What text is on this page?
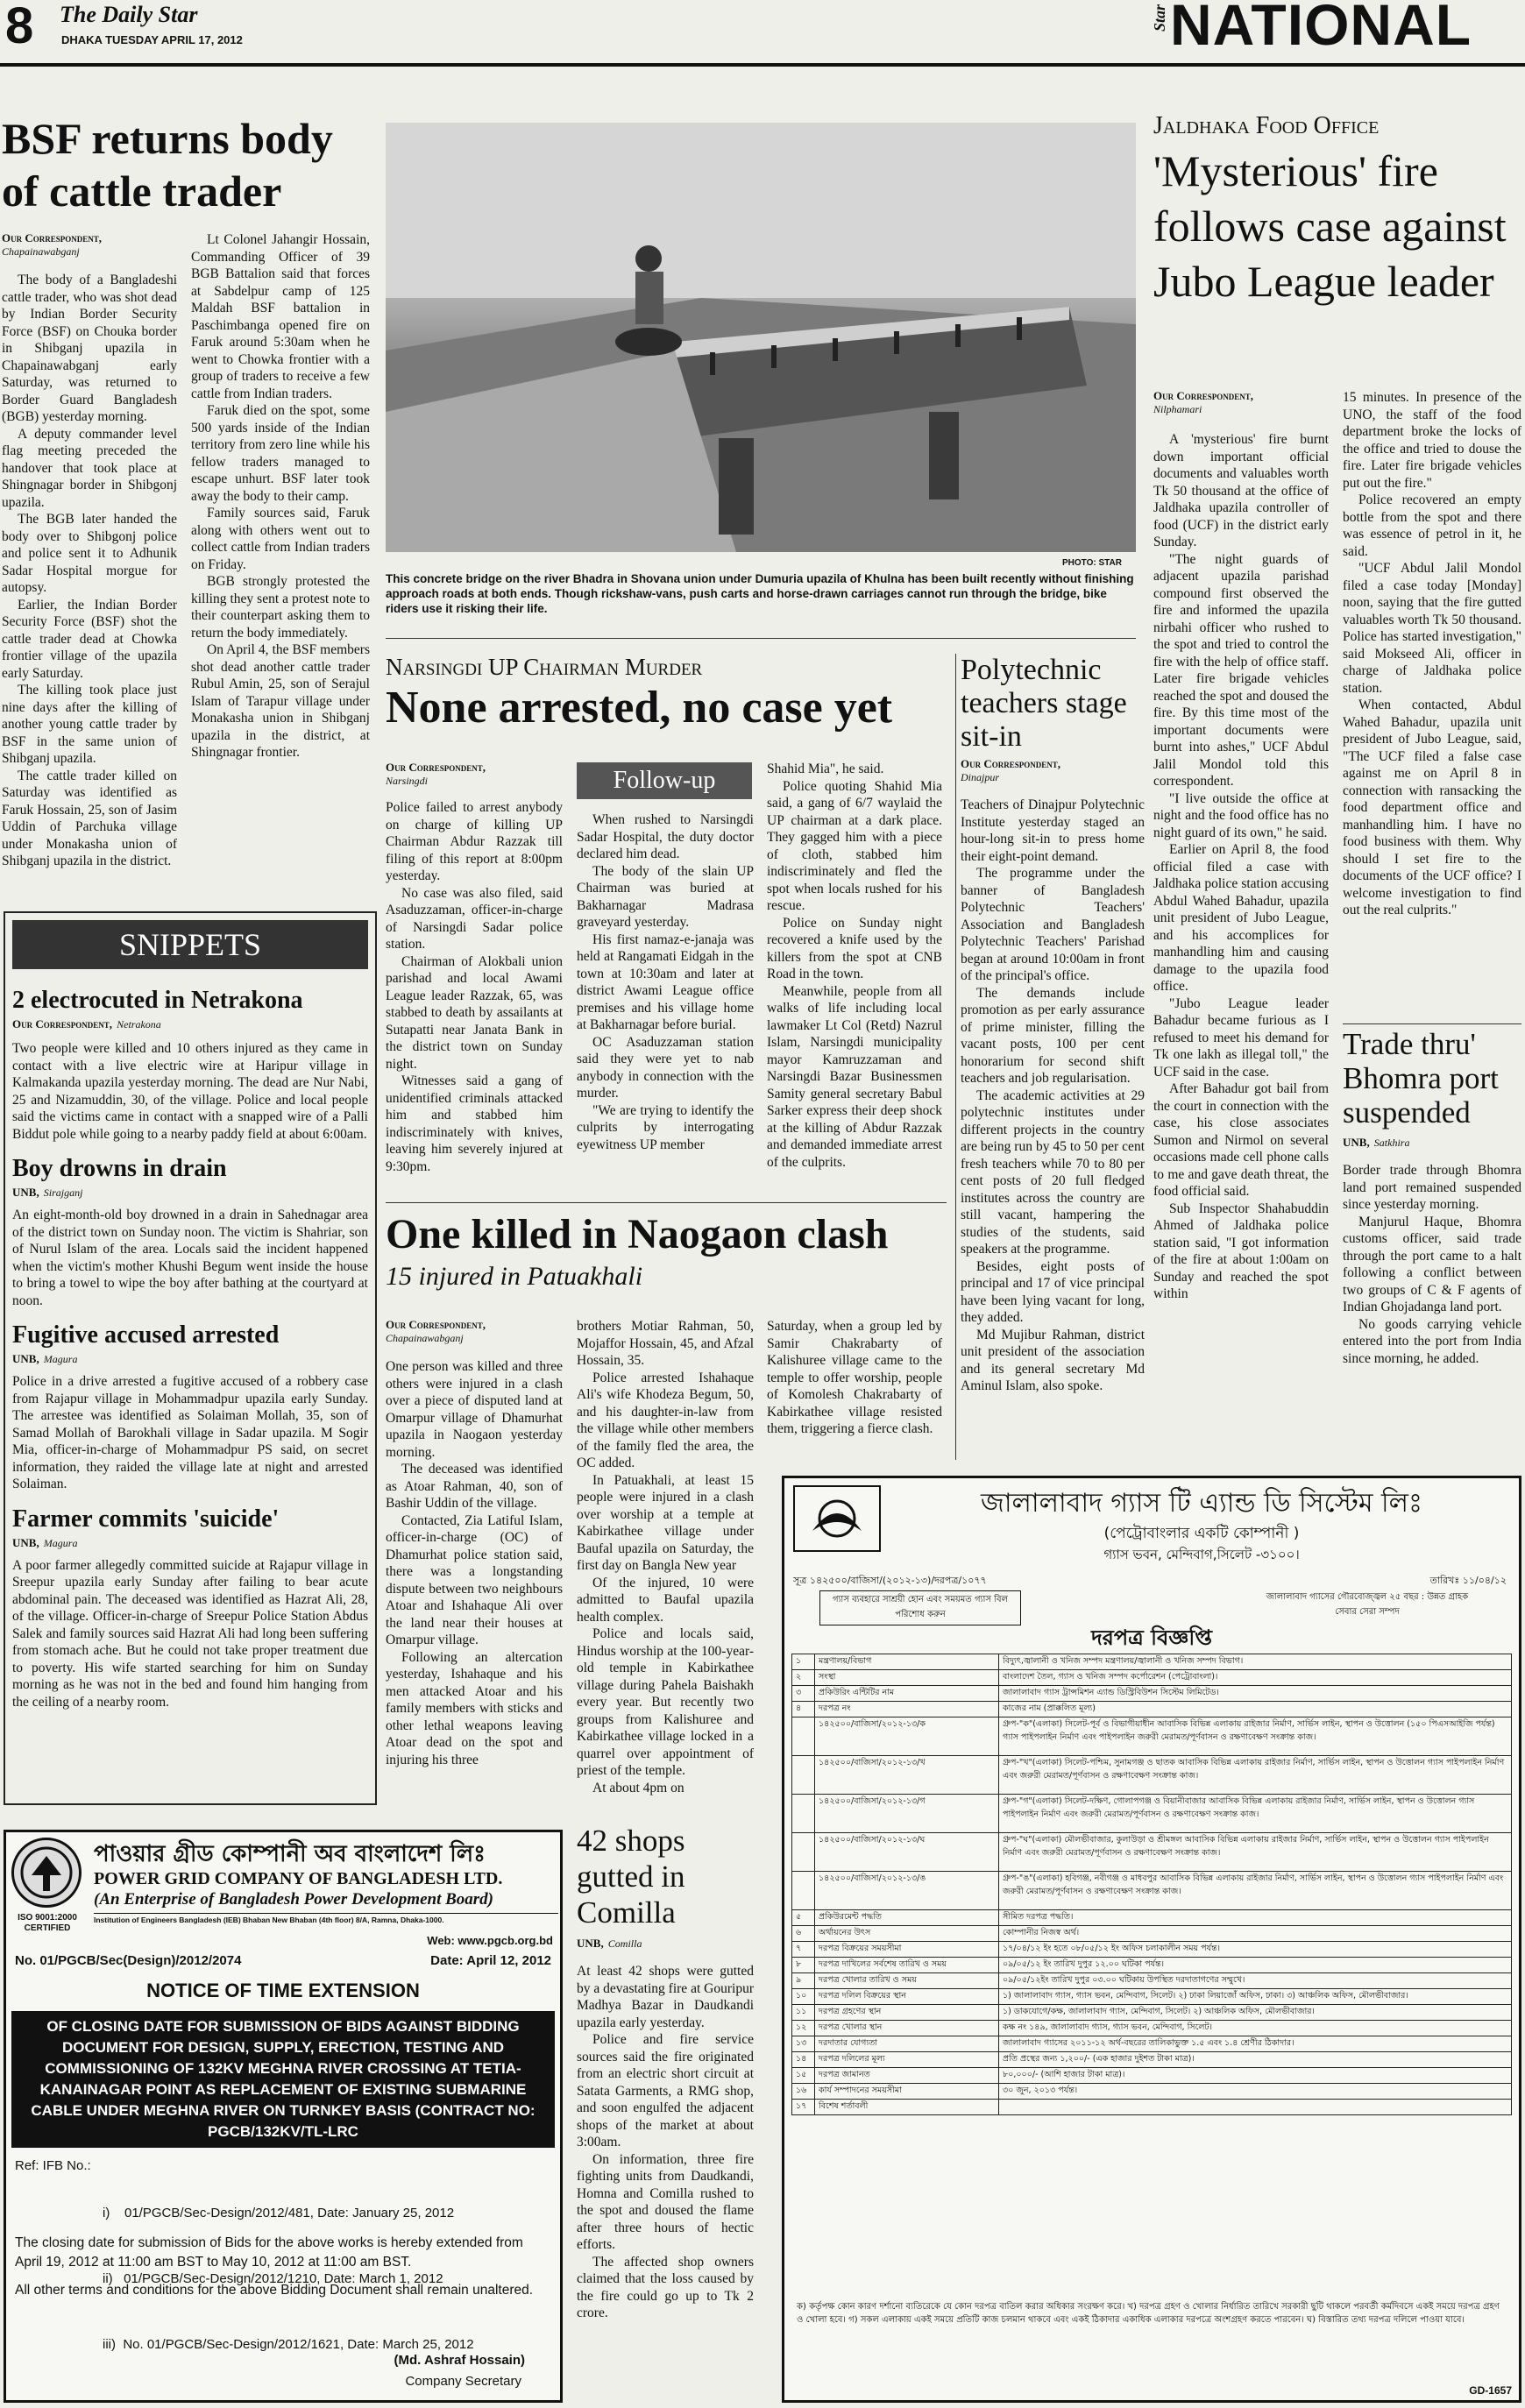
8 The Daily Star
DHAKA TUESDAY APRIL 17, 2012
Star NATIONAL
BSF returns body of cattle trader
Our Correspondent,
Chapainawabganj

The body of a Bangladeshi cattle trader, who was shot dead by Indian Border Security Force (BSF) on Chouka border in Shibganj upazila in Chapainawabganj early Saturday, was returned to Border Guard Bangladesh (BGB) yesterday morning.

A deputy commander level flag meeting preceded the handover that took place at Shingnagar border in Shibgonj upazila.

The BGB later handed the body over to Shibgonj police and police sent it to Adhunik Sadar Hospital morgue for autopsy.

Earlier, the Indian Border Security Force (BSF) shot the cattle trader dead at Chowka frontier village of the upazila early Saturday.

The killing took place just nine days after the killing of another young cattle trader by BSF in the same union of Shibganj upazila.

The cattle trader killed on Saturday was identified as Faruk Hossain, 25, son of Jasim Uddin of Parchuka village under Monakasha union of Shibganj upazila in the district.

Lt Colonel Jahangir Hossain, Commanding Officer of 39 BGB Battalion said that forces at Sabdelpur camp of 125 Maldah BSF battalion in Paschimbanga opened fire on Faruk around 5:30am when he went to Chowka frontier with a group of traders to receive a few cattle from Indian traders.

Faruk died on the spot, some 500 yards inside of the Indian territory from zero line while his fellow traders managed to escape unhurt. BSF later took away the body to their camp.

Family sources said, Faruk along with others went out to collect cattle from Indian traders on Friday.

BGB strongly protested the killing they sent a protest note to their counterpart asking them to return the body immediately.

On April 4, the BSF members shot dead another cattle trader Rubul Amin, 25, son of Serajul Islam of Tarapur village under Monakasha union in Shibganj upazila in the district, at Shingnagar frontier.

PHOTO: STAR
This concrete bridge on the river Bhadra in Shovana union under Dumuria upazila of Khulna has been built recently without finishing approach roads at both ends. Though rickshaw-vans, push carts and horse-drawn carriages cannot run through the bridge, bike riders use it risking their life.
Jaldhaka Food Office
'Mysterious' fire follows case against Jubo League leader
Our Correspondent,
Nilphamari

A 'mysterious' fire burnt down important official documents and valuables worth Tk 50 thousand at the office of Jaldhaka upazila controller of food (UCF) in the district early Sunday.

"The night guards of adjacent upazila parishad compound first observed the fire and informed the upazila nirbahi officer who rushed to the spot and tried to control the fire with the help of office staff. Later fire brigade vehicles reached the spot and doused the fire. By this time most of the important documents were burnt into ashes," UCF Abdul Jalil Mondol told this correspondent.

"I live outside the office at night and the food office has no night guard of its own," he said.

Earlier on April 8, the food official filed a case with Jaldhaka police station accusing Abdul Wahed Bahadur, upazila unit president of Jubo League, and his accomplices for manhandling him and causing damage to the upazila food office.

"Jubo League leader Bahadur became furious as I refused to meet his demand for Tk one lakh as illegal toll," the UCF said in the case.

After Bahadur got bail from the court in connection with the case, his close associates Sumon and Nirmol on several occasions made cell phone calls to me and gave death threat, the food official said.

Sub Inspector Shahabuddin Ahmed of Jaldhaka police station said, "I got information of the fire at about 1:00am on Sunday and reached the spot within

15 minutes. In presence of the UNO, the staff of the food department broke the locks of the office and tried to douse the fire. Later fire brigade vehicles put out the fire."

Police recovered an empty bottle from the spot and there was essence of petrol in it, he said.

"UCF Abdul Jalil Mondol filed a case today [Monday] noon, saying that the fire gutted valuables worth Tk 50 thousand. Police has started investigation," said Mokseed Ali, officer in charge of Jaldhaka police station.

When contacted, Abdul Wahed Bahadur, upazila unit president of Jubo League, said, "The UCF filed a false case against me on April 8 in connection with ransacking the food department office and manhandling him. I have no food business with them. Why should I set fire to the documents of the UCF office? I welcome investigation to find out the real culprits."

Trade thru' Bhomra port suspended
UNB, Satkhira

Border trade through Bhomra land port remained suspended since yesterday morning.

Manjurul Haque, Bhomra customs officer, said trade through the port came to a halt following a conflict between two groups of C & F agents of Indian Ghojadanga land port.

No goods carrying vehicle entered into the port from India since morning, he added.

Narsingdi UP Chairman Murder
None arrested, no case yet
Our Correspondent,
Narsingdi

Police failed to arrest anybody on charge of killing UP Chairman Abdur Razzak till filing of this report at 8:00pm yesterday.

No case was also filed, said Asaduzzaman, officer-in-charge of Narsingdi Sadar police station.

Chairman of Alokbali union parishad and local Awami League leader Razzak, 65, was stabbed to death by assailants at Sutapatti near Janata Bank in the district town on Sunday night.

Witnesses said a gang of unidentified criminals attacked him and stabbed him indiscriminately with knives, leaving him severely injured at 9:30pm.

Follow-up

When rushed to Narsingdi Sadar Hospital, the duty doctor declared him dead.

The body of the slain UP Chairman was buried at Bakharnagar Madrasa graveyard yesterday.

His first namaz-e-janaja was held at Rangamati Eidgah in the town at 10:30am and later at district Awami League office premises and his village home at Bakharnagar before burial.

OC Asaduzzaman station said they were yet to nab anybody in connection with the murder.

"We are trying to identify the culprits by interrogating eyewitness UP member

Shahid Mia", he said.

Police quoting Shahid Mia said, a gang of 6/7 waylaid the UP chairman at a dark place. They gagged him with a piece of cloth, stabbed him indiscriminately and fled the spot when locals rushed for his rescue.

Police on Sunday night recovered a knife used by the killers from the spot at CNB Road in the town.

Meanwhile, people from all walks of life including local lawmaker Lt Col (Retd) Nazrul Islam, Narsingdi municipality mayor Kamruzzaman and Narsingdi Bazar Businessmen Samity general secretary Babul Sarker express their deep shock at the killing of Abdur Razzak and demanded immediate arrest of the culprits.

Polytechnic teachers stage sit-in
Our Correspondent,
Dinajpur

Teachers of Dinajpur Polytechnic Institute yesterday staged an hour-long sit-in to press home their eight-point demand.

The programme under the banner of Bangladesh Polytechnic Teachers' Association and Bangladesh Polytechnic Teachers' Parishad began at around 10:00am in front of the principal's office.

The demands include promotion as per early assurance of prime minister, filling the vacant posts, 100 per cent honorarium for second shift teachers and job regularisation.

The academic activities at 29 polytechnic institutes under different projects in the country are being run by 45 to 50 per cent fresh teachers while 70 to 80 per cent posts of 20 full fledged institutes across the country are still vacant, hampering the studies of the students, said speakers at the programme.

Besides, eight posts of principal and 17 of vice principal have been lying vacant for long, they added.

Md Mujibur Rahman, district unit president of the association and its general secretary Md Aminul Islam, also spoke.

One killed in Naogaon clash
15 injured in Patuakhali
Our Correspondent,
Chapainawabganj

One person was killed and three others were injured in a clash over a piece of disputed land at Omarpur village of Dhamurhat upazila in Naogaon yesterday morning.

The deceased was identified as Atoar Rahman, 40, son of Bashir Uddin of the village.

Contacted, Zia Latiful Islam, officer-in-charge (OC) of Dhamurhat police station said, there was a longstanding dispute between two neighbours Atoar and Ishahaque Ali over the land near their houses at Omarpur village.

Following an altercation yesterday, Ishahaque and his men attacked Atoar and his family members with sticks and other lethal weapons leaving Atoar dead on the spot and injuring his three

brothers Motiar Rahman, 50, Mojaffor Hossain, 45, and Afzal Hossain, 35.

Police arrested Ishahaque Ali's wife Khodeza Begum, 50, and his daughter-in-law from the village while other members of the family fled the area, the OC added.

In Patuakhali, at least 15 people were injured in a clash over worship at a temple at Kabirkathee village under Baufal upazila on Saturday, the first day on Bangla New year

Of the injured, 10 were admitted to Baufal upazila health complex.

Police and locals said, Hindus worship at the 100-year-old temple in Kabirkathee village during Pahela Baishakh every year. But recently two groups from Kalishuree and Kabirkathee village locked in a quarrel over appointment of priest of the temple.

At about 4pm on

Saturday, when a group led by Samir Chakrabarty of Kalishuree village came to the temple to offer worship, people of Komolesh Chakrabarty of Kabirkathee village resisted them, triggering a fierce clash.

42 shops gutted in Comilla
UNB, Comilla

At least 42 shops were gutted by a devastating fire at Gouripur Madhya Bazar in Daudkandi upazila early yesterday.

Police and fire service sources said the fire originated from an electric short circuit at Satata Garments, a RMG shop, and soon engulfed the adjacent shops of the market at about 3:00am.

On information, three fire fighting units from Daudkandi, Homna and Comilla rushed to the spot and doused the flame after three hours of hectic efforts.

The affected shop owners claimed that the loss caused by the fire could go up to Tk 2 crore.

SNIPPETS
2 electrocuted in Netrakona
Our Correspondent, Netrakona
Two people were killed and 10 others injured as they came in contact with a live electric wire at Haripur village in Kalmakanda upazila yesterday morning. The dead are Nur Nabi, 25 and Nizamuddin, 30, of the village. Police and local people said the victims came in contact with a snapped wire of a Palli Biddut pole while going to a nearby paddy field at about 6:00am.
Boy drowns in drain
UNB, Sirajganj
An eight-month-old boy drowned in a drain in Sahednagar area of the district town on Sunday noon. The victim is Shahriar, son of Nurul Islam of the area. Locals said the incident happened when the victim's mother Khushi Begum went inside the house to bring a towel to wipe the boy after bathing at the courtyard at noon.
Fugitive accused arrested
UNB, Magura
Police in a drive arrested a fugitive accused of a robbery case from Rajapur village in Mohammadpur upazila early Sunday. The arrestee was identified as Solaiman Mollah, 35, son of Samad Mollah of Barokhali village in Sadar upazila. M Sogir Mia, officer-in-charge of Mohammadpur PS said, on secret information, they raided the village late at night and arrested Solaiman.
Farmer commits 'suicide'
UNB, Magura
A poor farmer allegedly committed suicide at Rajapur village in Sreepur upazila early Sunday after failing to bear acute abdominal pain. The deceased was identified as Hazrat Ali, 28, of the village. Officer-in-charge of Sreepur Police Station Abdus Salek and family sources said Hazrat Ali had long been suffering from stomach ache. But he could not take proper treatment due to poverty. His wife started searching for him on Sunday morning as he was not in the bed and found him hanging from the ceiling of a nearby room.
ISO 9001:2000 CERTIFIED
পাওয়ার গ্রীড কোম্পানী অব বাংলাদেশ লিঃ
POWER GRID COMPANY OF BANGLADESH LTD.
(An Enterprise of Bangladesh Power Development Board)
Institution of Engineers Bangladesh (IEB) Bhaban New Bhaban (4th floor) 8/A, Ramna, Dhaka-1000.
Web: www.pgcb.org.bd
No. 01/PGCB/Sec(Design)/2012/2074	Date: April 12, 2012
NOTICE OF TIME EXTENSION
OF CLOSING DATE FOR SUBMISSION OF BIDS AGAINST BIDDING DOCUMENT FOR DESIGN, SUPPLY, ERECTION, TESTING AND COMMISSIONING OF 132KV MEGHNA RIVER CROSSING AT TETIA-KANAINAGAR POINT AS REPLACEMENT OF EXISTING SUBMARINE CABLE UNDER MEGHNA RIVER ON TURNKEY BASIS (CONTRACT NO: PGCB/132KV/TL-LRC
Ref: IFB No.:

i)    01/PGCB/Sec-Design/2012/481, Date: January 25, 2012

ii)   01/PGCB/Sec-Design/2012/1210, Date: March 1, 2012

iii)  No. 01/PGCB/Sec-Design/2012/1621, Date: March 25, 2012

The closing date for submission of Bids for the above works is hereby extended from April 19, 2012 at 11:00 am BST to May 10, 2012 at 11:00 am BST.
All other terms and conditions for the above Bidding Document shall remain unaltered.
(Md. Ashraf Hossain)
Company Secretary
জালালাবাদ গ্যাস টি এ্যান্ড ডি সিস্টেম লিঃ
(পেট্রোবাংলার একটি কোম্পানী )
গ্যাস ভবন, মেন্দিবাগ,সিলেট -৩১০০।
সূত্র ১৪২৫০০/বাজিসা/(২০১২-১৩)/দরপত্র/১০৭৭	তারিখঃ ১১/০৪/১২
গ্যাস ব্যবহারে সাশ্রয়ী হোন এবং সময়মত গ্যাস বিল পরিশোধ করুন
জালালাবাদ গ্যাসের গৌরবোজ্জ্বল ২৫ বছর : উন্নত গ্রাহক সেবার সেরা সম্পদ
দরপত্র বিজ্ঞপ্তি
১	মন্ত্রণালয়/বিভাগ	বিদ্যুৎ,জ্বালানী ও খনিজ সম্পদ মন্ত্রণালয়/জ্বালানী ও খনিজ সম্পদ বিভাগ।
২	সংস্থা	বাংলাদেশ তৈল, গ্যাস ও খনিজ সম্পদ কর্পোরেশন (পেট্রোবাংলা)।
৩	প্রকিউরিং এন্টিটির নাম	জালালাবাদ গ্যাস ট্রান্সমিশন এ্যান্ড ডিস্ট্রিবিউশন সিস্টেম লিমিটেড।
৪	দরপত্র নং	কাজের নাম (প্রাক্কলিত মূল্য)
	১৪২৫০০/বাজিসা/২০১২-১৩/ক	গ্রুপ-"ক"(এলাকা) সিলেট-পূর্ব ও বিভাগীয়াধীন আবাসিক বিভিন্ন এলাকায় রাইজার নির্মাণ, সার্ভিস লাইন, স্থাপন ও উত্তোলন (১৫০ পিএসআইজি পর্যন্ত) গ্যাস পাইপলাইন নির্মাণ এবং পাইপলাইন জরুরী মেরামত/পূর্ণবাসন ও রক্ষণাবেক্ষণ সংক্রান্ত কাজ।
	১৪২৫০০/বাজিসা/২০১২-১৩/খ	গ্রুপ-"খ"(এলাকা) সিলেট-পশ্চিম, সুনামগঞ্জ ও ছাতক আবাসিক বিভিন্ন এলাকায় রাইজার নির্মাণ, সার্ভিস লাইন, স্থাপন ও উত্তোলন গ্যাস পাইপলাইন নির্মাণ এবং জরুরী মেরামত/পূর্ণবাসন ও রক্ষণাবেক্ষণ সংক্রান্ত কাজ।
	১৪২৫০০/বাজিসা/২০১২-১৩/গ	গ্রুপ-"গ"(এলাকা) সিলেট-দক্ষিণ, গোলাপগঞ্জ ও বিয়ানীবাজার আবাসিক বিভিন্ন এলাকায় রাইজার নির্মাণ, সার্ভিস লাইন, স্থাপন ও উত্তোলন গ্যাস পাইপলাইন নির্মাণ এবং জরুরী মেরামত/পূর্ণবাসন ও রক্ষণাবেক্ষণ সংক্রান্ত কাজ।
	১৪২৫০০/বাজিসা/২০১২-১৩/ঘ	গ্রুপ-"ঘ"(এলাকা) মৌলভীবাজার, কুলাউড়া ও শ্রীমঙ্গল আবাসিক বিভিন্ন এলাকায় রাইজার নির্মাণ, সার্ভিস লাইন, স্থাপন ও উত্তোলন গ্যাস পাইপলাইন নির্মাণ এবং জরুরী মেরামত/পূর্ণবাসন ও রক্ষণাবেক্ষণ সংক্রান্ত কাজ।
	১৪২৫০০/বাজিসা/২০১২-১৩/ঙ	গ্রুপ-"ঙ"(এলাকা) হবিগঞ্জ, নবীগঞ্জ ও মাধবপুর আবাসিক বিভিন্ন এলাকায় রাইজার নির্মাণ, সার্ভিস লাইন, স্থাপন ও উত্তোলন গ্যাস পাইপলাইন নির্মাণ এবং জরুরী মেরামত/পূর্ণবাসন ও রক্ষণাবেক্ষণ সংক্রান্ত কাজ।
৫	প্রকিউরমেন্ট পদ্ধতি	সীমিত দরপত্র পদ্ধতি।
৬	অর্থায়নের উৎস	কোম্পানীর নিজস্ব অর্থ।
৭	দরপত্র বিক্রয়ের সময়সীমা	১৭/০৪/১২ ইং হতে ০৮/০৫/১২ ইং অফিস চলাকালীন সময় পর্যন্ত।
৮	দরপত্র দাখিলের সর্বশেষ তারিখ ও সময়	০৯/০৫/১২ ইং তারিখ দুপুর ১২.০০ ঘটিকা পর্যন্ত।
৯	দরপত্র খোলার তারিখ ও সময়	০৯/০৫/১২ইং তারিখ দুপুর ০৩.০০ ঘটিকায় উপস্থিত দরদাতাগণের সম্মুখে।
১০	দরপত্র দলিল বিক্রয়ের স্থান	১) জালালাবাদ গ্যাস, গ্যাস ভবন, মেন্দিবাগ, সিলেট। ২) ঢাকা লিয়াজোঁ অফিস, ঢাকা। ৩) আঞ্চলিক অফিস, মৌলভীবাজার।
১১	দরপত্র গ্রহণের স্থান	১) ডাকযোগে/কক্ষ, জালালাবাদ গ্যাস, মেন্দিবাগ, সিলেট। ২) আঞ্চলিক অফিস, মৌলভীবাজার।
১২	দরপত্র খোলার স্থান	কক্ষ নং ১৪৯, জালালাবাদ গ্যাস, গ্যাস ভবন, মেন্দিবাগ, সিলেট।
১৩	দরদাতার যোগ্যতা	জালালাবাদ গ্যাসের ২০১১-১২ অর্থ-বছরের তালিকাভুক্ত ১.৫ এবং ১.৪ শ্রেণীর ঠিকাদার।
১৪	দরপত্র দলিলের মূল্য	প্রতি প্রস্থের জন্য ১,২০০/- (এক হাজার দুইশত টাকা মাত্র)।
১৫	দরপত্র জামানত	৮০,০০০/- (আশি হাজার টাকা মাত্র)।
১৬	কার্য সম্পাদনের সময়সীমা	৩০ জুন, ২০১৩ পর্যন্ত।
১৭	বিশেষ শর্তাবলী	
ক) কর্তৃপক্ষ কোন কারণ দর্শানো ব্যতিরেকে যে কোন দরপত্র বাতিল করার অধিকার সংরক্ষণ করে। খ) দরপত্র গ্রহণ ও খোলার নির্ধারিত তারিখে সরকারী ছুটি থাকলে পরবর্তী কর্মদিবসে একই সময়ে দরপত্র গ্রহণ ও খোলা হবে। গ) সকল এলাকায় একই সময়ে প্রতিটি কাজ চলমান থাকবে এবং একই ঠিকাদার একাধিক এলাকার দরপত্রে অংশগ্রহণ করতে পারবেন। ঘ) বিস্তারিত তথ্য দরপত্র দলিলে পাওয়া যাবে।
GD-1657
